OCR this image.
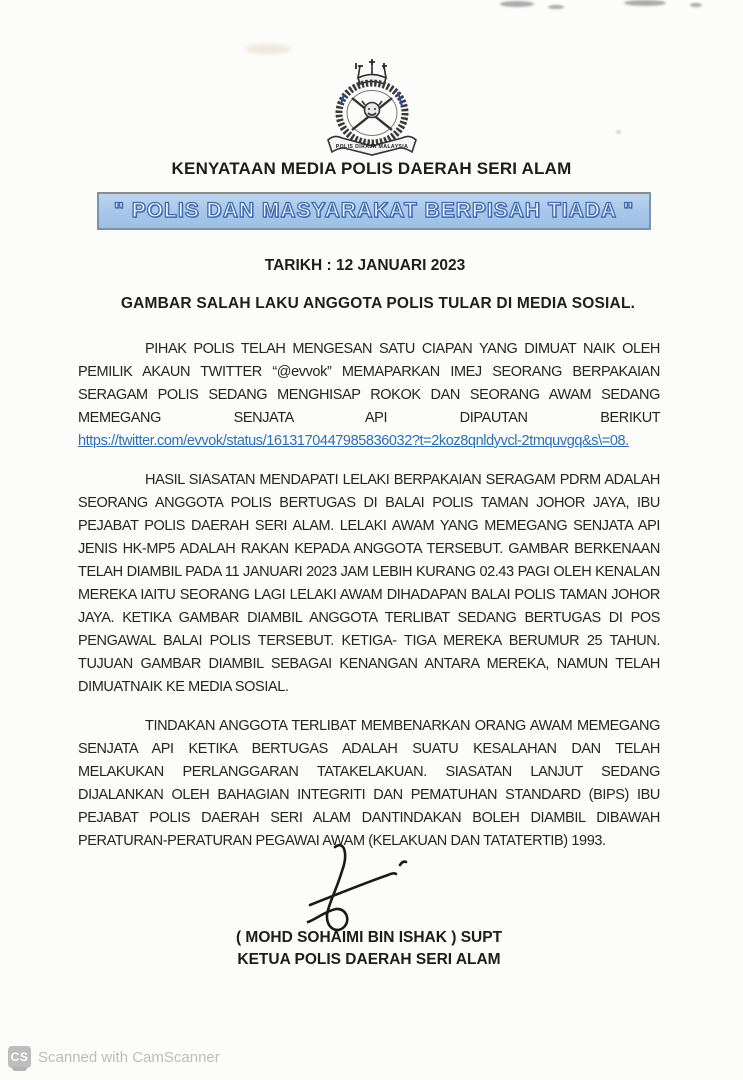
POLIS DIRAJA MALAYSIA
KENYATAAN MEDIA POLIS DAERAH SERI ALAM
" POLIS DAN MASYARAKAT BERPISAH TIADA "
TARIKH : 12 JANUARI 2023
GAMBAR SALAH LAKU ANGGOTA POLIS TULAR DI MEDIA SOSIAL.

PIHAK POLIS TELAH MENGESAN SATU CIAPAN YANG DIMUAT NAIK OLEH PEMILIK AKAUN TWITTER “@evvok” MEMAPARKAN IMEJ SEORANG BERPAKAIAN SERAGAM POLIS SEDANG MENGHISAP ROKOK DAN SEORANG AWAM SEDANG MEMEGANG SENJATA API DIPAUTAN BERIKUT https://twitter.com/evvok/status/1613170447985836032?t=2koz8qnldyvcl-2tmquvgq&s\=08.

HASIL SIASATAN MENDAPATI LELAKI BERPAKAIAN SERAGAM PDRM ADALAH SEORANG ANGGOTA POLIS BERTUGAS DI BALAI POLIS TAMAN JOHOR JAYA, IBU PEJABAT POLIS DAERAH SERI ALAM. LELAKI AWAM YANG MEMEGANG SENJATA API JENIS HK-MP5 ADALAH RAKAN KEPADA ANGGOTA TERSEBUT. GAMBAR BERKENAAN TELAH DIAMBIL PADA 11 JANUARI 2023 JAM LEBIH KURANG 02.43 PAGI OLEH KENALAN MEREKA IAITU SEORANG LAGI LELAKI AWAM DIHADAPAN BALAI POLIS TAMAN JOHOR JAYA. KETIKA GAMBAR DIAMBIL ANGGOTA TERLIBAT SEDANG BERTUGAS DI POS PENGAWAL BALAI POLIS TERSEBUT. KETIGA- TIGA MEREKA BERUMUR 25 TAHUN. TUJUAN GAMBAR DIAMBIL SEBAGAI KENANGAN ANTARA MEREKA, NAMUN TELAH DIMUATNAIK KE MEDIA SOSIAL.

TINDAKAN ANGGOTA TERLIBAT MEMBENARKAN ORANG AWAM MEMEGANG SENJATA API KETIKA BERTUGAS ADALAH SUATU KESALAHAN DAN TELAH MELAKUKAN PERLANGGARAN TATAKELAKUAN. SIASATAN LANJUT SEDANG DIJALANKAN OLEH BAHAGIAN INTEGRITI DAN PEMATUHAN STANDARD (BIPS) IBU PEJABAT POLIS DAERAH SERI ALAM DANTINDAKAN BOLEH DIAMBIL DIBAWAH PERATURAN-PERATURAN PEGAWAI AWAM (KELAKUAN DAN TATATERTIB) 1993.

( MOHD SOHAIMI BIN ISHAK ) SUPT
KETUA POLIS DAERAH SERI ALAM
CS Scanned with CamScanner
